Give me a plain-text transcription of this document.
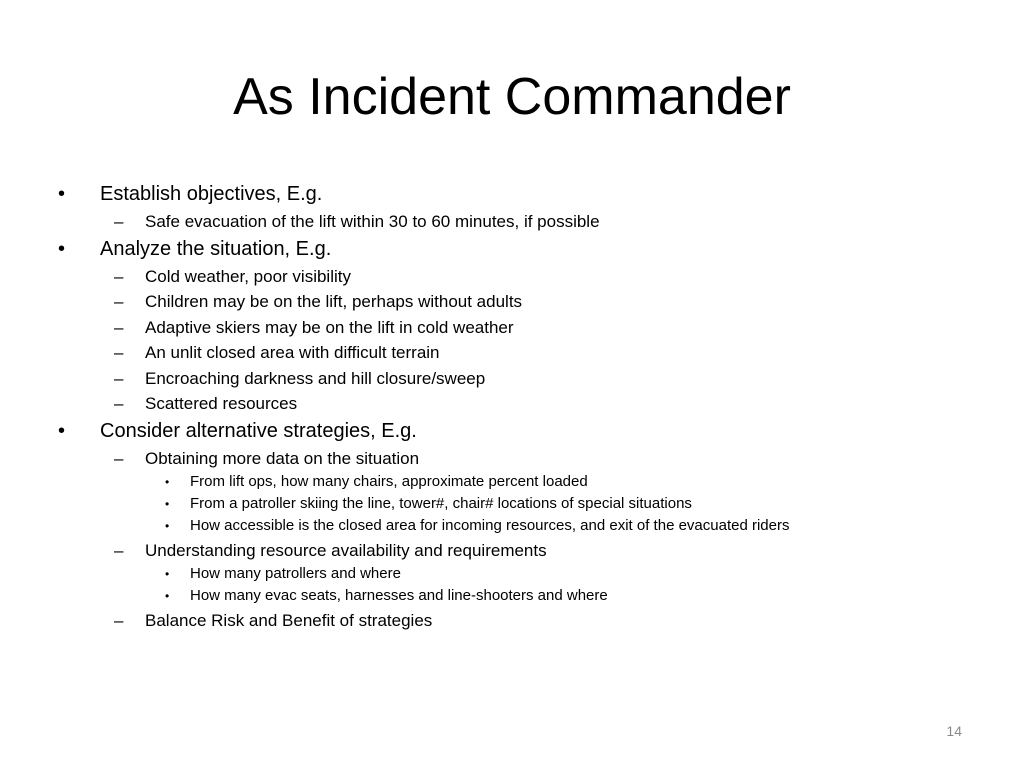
As Incident Commander
•	Establish objectives, E.g.
– Safe evacuation of the lift within 30 to 60 minutes, if possible
•	Analyze the situation, E.g.
– Cold weather, poor visibility
– Children may be on the lift, perhaps without adults
– Adaptive skiers may be on the lift in cold weather
– An unlit closed area with difficult terrain
– Encroaching darkness and hill closure/sweep
– Scattered resources
•	Consider alternative strategies, E.g.
– Obtaining more data on the situation
• From lift ops, how many chairs, approximate percent loaded
• From a patroller skiing the line, tower#, chair# locations of special situations
• How accessible is the closed area for incoming resources, and exit of the evacuated riders
– Understanding resource availability and requirements
• How many patrollers and where
• How many evac seats, harnesses and line-shooters and where
– Balance Risk and Benefit of strategies
14
